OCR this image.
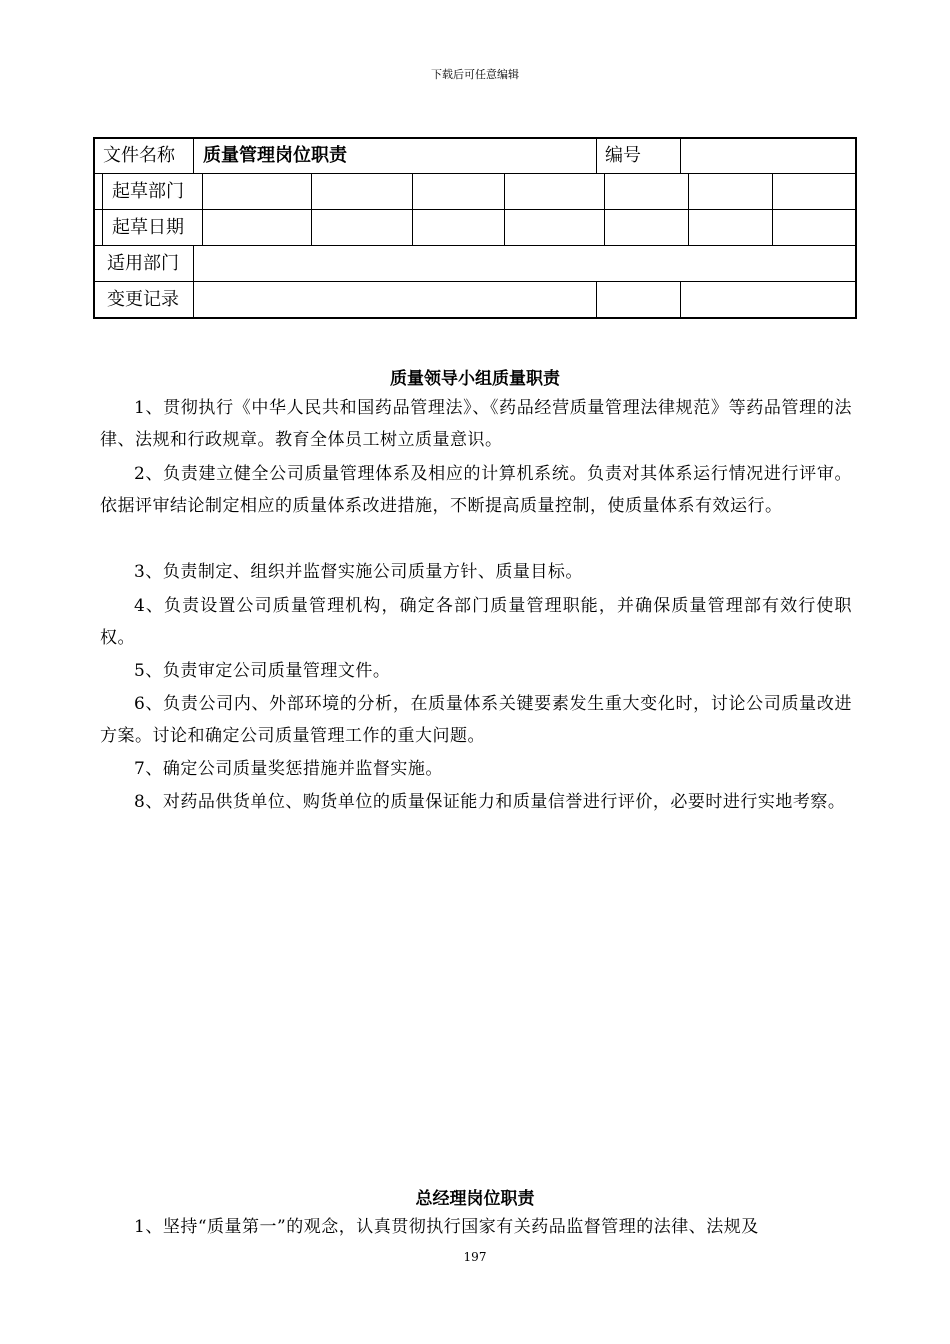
下载后可任意编辑
文件名称 质量管理岗位职责	编号
起草部门
起草日期
适用部门
变更记录
质量领导小组质量职责
1、贯彻执行《中华人民共和国药品管理法》、《药品经营质量管理法律规范》等药品管理的法律、法规和行政规章。教育全体员工树立质量意识。
2、负责建立健全公司质量管理体系及相应的计算机系统。负责对其体系运行情况进行评审。依据评审结论制定相应的质量体系改进措施，不断提高质量控制，使质量体系有效运行。
3、负责制定、组织并监督实施公司质量方针、质量目标。
4、负责设置公司质量管理机构，确定各部门质量管理职能，并确保质量管理部有效行使职权。
5、负责审定公司质量管理文件。
6、负责公司内、外部环境的分析，在质量体系关键要素发生重大变化时，讨论公司质量改进方案。讨论和确定公司质量管理工作的重大问题。
7、确定公司质量奖惩措施并监督实施。
8、对药品供货单位、购货单位的质量保证能力和质量信誉进行评价，必要时进行实地考察。
总经理岗位职责
1、坚持“质量第一”的观念，认真贯彻执行国家有关药品监督管理的法律、法规及
197
